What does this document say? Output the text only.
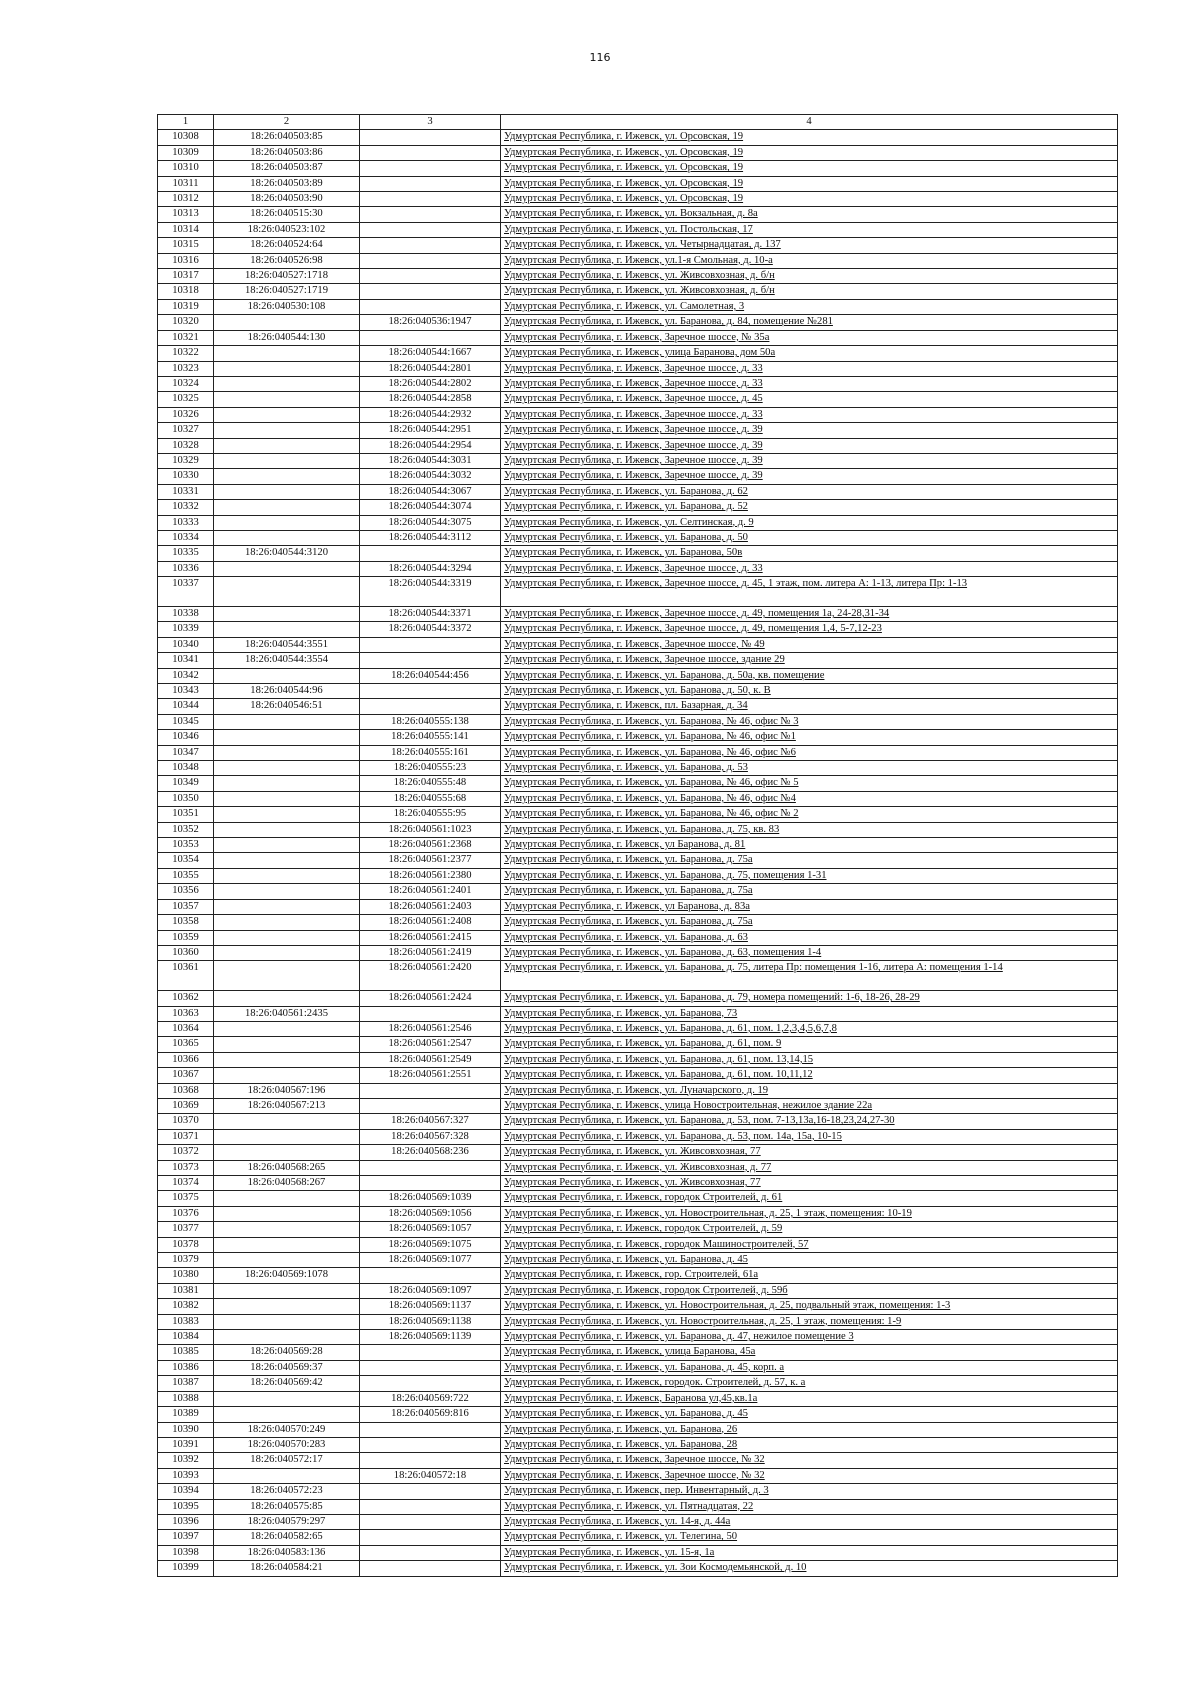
116
1	2	3	4
10308	18:26:040503:85		Удмуртская Республика, г. Ижевск, ул. Орсовская, 19
10309	18:26:040503:86		Удмуртская Республика, г. Ижевск, ул. Орсовская, 19
10310	18:26:040503:87		Удмуртская Республика, г. Ижевск, ул. Орсовская, 19
10311	18:26:040503:89		Удмуртская Республика, г. Ижевск, ул. Орсовская, 19
10312	18:26:040503:90		Удмуртская Республика, г. Ижевск, ул. Орсовская, 19
10313	18:26:040515:30		Удмуртская Республика, г. Ижевск, ул. Вокзальная, д. 8а
10314	18:26:040523:102		Удмуртская Республика, г. Ижевск, ул. Постольская, 17
10315	18:26:040524:64		Удмуртская Республика, г. Ижевск, ул. Четырнадцатая, д. 137
10316	18:26:040526:98		Удмуртская Республика, г. Ижевск, ул.1-я Смольная, д. 10-а
10317	18:26:040527:1718		Удмуртская Республика, г. Ижевск, ул. Живсовхозная, д. б/н
10318	18:26:040527:1719		Удмуртская Республика, г. Ижевск, ул. Живсовхозная, д. б/н
10319	18:26:040530:108		Удмуртская Республика, г. Ижевск, ул. Самолетная, 3
10320		18:26:040536:1947	Удмуртская Республика, г. Ижевск, ул. Баранова, д. 84, помещение №281
10321	18:26:040544:130		Удмуртская Республика, г. Ижевск, Заречное шоссе, № 35а
10322		18:26:040544:1667	Удмуртская Республика, г. Ижевск, улица Баранова, дом 50а
10323		18:26:040544:2801	Удмуртская Республика, г. Ижевск, Заречное шоссе, д. 33
10324		18:26:040544:2802	Удмуртская Республика, г. Ижевск, Заречное шоссе, д. 33
10325		18:26:040544:2858	Удмуртская Республика, г. Ижевск, Заречное шоссе, д. 45
10326		18:26:040544:2932	Удмуртская Республика, г. Ижевск, Заречное шоссе, д. 33
10327		18:26:040544:2951	Удмуртская Республика, г. Ижевск, Заречное шоссе, д. 39
10328		18:26:040544:2954	Удмуртская Республика, г. Ижевск, Заречное шоссе, д. 39
10329		18:26:040544:3031	Удмуртская Республика, г. Ижевск, Заречное шоссе, д. 39
10330		18:26:040544:3032	Удмуртская Республика, г. Ижевск, Заречное шоссе, д. 39
10331		18:26:040544:3067	Удмуртская Республика, г. Ижевск, ул. Баранова, д. 62
10332		18:26:040544:3074	Удмуртская Республика, г. Ижевск, ул. Баранова, д. 52
10333		18:26:040544:3075	Удмуртская Республика, г. Ижевск, ул. Селтинская, д. 9
10334		18:26:040544:3112	Удмуртская Республика, г. Ижевск, ул. Баранова, д. 50
10335	18:26:040544:3120		Удмуртская Республика, г. Ижевск, ул. Баранова, 50в
10336		18:26:040544:3294	Удмуртская Республика, г. Ижевск, Заречное шоссе, д. 33
10337		18:26:040544:3319	Удмуртская Республика, г. Ижевск, Заречное шоссе, д. 45, 1 этаж, пом. литера А: 1-13, литера Пр: 1-13
10338		18:26:040544:3371	Удмуртская Республика, г. Ижевск, Заречное шоссе, д. 49, помещения 1а, 24-28,31-34
10339		18:26:040544:3372	Удмуртская Республика, г. Ижевск, Заречное шоссе, д. 49, помещения 1,4, 5-7,12-23
10340	18:26:040544:3551		Удмуртская Республика, г. Ижевск, Заречное шоссе, № 49
10341	18:26:040544:3554		Удмуртская Республика, г. Ижевск, Заречное шоссе, здание 29
10342		18:26:040544:456	Удмуртская Республика, г. Ижевск, ул. Баранова, д. 50а, кв. помещение
10343	18:26:040544:96		Удмуртская Республика, г. Ижевск, ул. Баранова, д. 50, к. В
10344	18:26:040546:51		Удмуртская Республика, г. Ижевск, пл. Базарная, д. 34
10345		18:26:040555:138	Удмуртская Республика, г. Ижевск, ул. Баранова, № 46, офис № 3
10346		18:26:040555:141	Удмуртская Республика, г. Ижевск, ул. Баранова, № 46, офис №1
10347		18:26:040555:161	Удмуртская Республика, г. Ижевск, ул. Баранова, № 46, офис №6
10348		18:26:040555:23	Удмуртская Республика, г. Ижевск, ул. Баранова, д. 53
10349		18:26:040555:48	Удмуртская Республика, г. Ижевск, ул. Баранова, № 46, офис № 5
10350		18:26:040555:68	Удмуртская Республика, г. Ижевск, ул. Баранова, № 46, офис №4
10351		18:26:040555:95	Удмуртская Республика, г. Ижевск, ул. Баранова, № 46, офис № 2
10352		18:26:040561:1023	Удмуртская Республика, г. Ижевск, ул. Баранова, д. 75, кв. 83
10353		18:26:040561:2368	Удмуртская Республика, г. Ижевск, ул Баранова, д. 81
10354		18:26:040561:2377	Удмуртская Республика, г. Ижевск, ул. Баранова, д. 75а
10355		18:26:040561:2380	Удмуртская Республика, г. Ижевск, ул. Баранова, д. 75, помещения 1-31
10356		18:26:040561:2401	Удмуртская Республика, г. Ижевск, ул. Баранова, д. 75а
10357		18:26:040561:2403	Удмуртская Республика, г. Ижевск, ул Баранова, д. 83а
10358		18:26:040561:2408	Удмуртская Республика, г. Ижевск, ул. Баранова, д. 75а
10359		18:26:040561:2415	Удмуртская Республика, г. Ижевск, ул. Баранова, д. 63
10360		18:26:040561:2419	Удмуртская Республика, г. Ижевск, ул. Баранова, д. 63, помещения 1-4
10361		18:26:040561:2420	Удмуртская Республика, г. Ижевск, ул. Баранова, д. 75, литера Пр: помещения 1-16, литера А: помещения 1-14
10362		18:26:040561:2424	Удмуртская Республика, г. Ижевск, ул. Баранова, д. 79, номера помещений: 1-6, 18-26, 28-29
10363	18:26:040561:2435		Удмуртская Республика, г. Ижевск, ул. Баранова, 73
10364		18:26:040561:2546	Удмуртская Республика, г. Ижевск, ул. Баранова, д. 61, пом. 1,2,3,4,5,6,7,8
10365		18:26:040561:2547	Удмуртская Республика, г. Ижевск, ул. Баранова, д. 61, пом. 9
10366		18:26:040561:2549	Удмуртская Республика, г. Ижевск, ул. Баранова, д. 61, пом. 13,14,15
10367		18:26:040561:2551	Удмуртская Республика, г. Ижевск, ул. Баранова, д. 61, пом. 10,11,12
10368	18:26:040567:196		Удмуртская Республика, г. Ижевск, ул. Луначарского, д. 19
10369	18:26:040567:213		Удмуртская Республика, г. Ижевск, улица Новостроительная, нежилое здание 22а
10370		18:26:040567:327	Удмуртская Республика, г. Ижевск, ул. Баранова, д. 53, пом. 7-13,13а,16-18,23,24,27-30
10371		18:26:040567:328	Удмуртская Республика, г. Ижевск, ул. Баранова, д. 53, пом. 14а, 15а, 10-15
10372		18:26:040568:236	Удмуртская Республика, г. Ижевск, ул. Живсовхозная, 77
10373	18:26:040568:265		Удмуртская Республика, г. Ижевск, ул. Живсовхозная, д. 77
10374	18:26:040568:267		Удмуртская Республика, г. Ижевск, ул. Живсовхозная, 77
10375		18:26:040569:1039	Удмуртская Республика, г. Ижевск, городок Строителей, д. 61
10376		18:26:040569:1056	Удмуртская Республика, г. Ижевск, ул. Новостроительная, д. 25, 1 этаж, помещения: 10-19
10377		18:26:040569:1057	Удмуртская Республика, г. Ижевск, городок Строителей, д. 59
10378		18:26:040569:1075	Удмуртская Республика, г. Ижевск, городок Машиностроителей, 57
10379		18:26:040569:1077	Удмуртская Республика, г. Ижевск, ул. Баранова, д. 45
10380	18:26:040569:1078		Удмуртская Республика, г. Ижевск, гор. Строителей, 61а
10381		18:26:040569:1097	Удмуртская Республика, г. Ижевск, городок Строителей, д. 59б
10382		18:26:040569:1137	Удмуртская Республика, г. Ижевск, ул. Новостроительная, д. 25, подвальный этаж, помещения: 1-3
10383		18:26:040569:1138	Удмуртская Республика, г. Ижевск, ул. Новостроительная, д. 25, 1 этаж, помещения: 1-9
10384		18:26:040569:1139	Удмуртская Республика, г. Ижевск, ул. Баранова, д. 47, нежилое помещение 3
10385	18:26:040569:28		Удмуртская Республика, г. Ижевск, улица Баранова, 45а
10386	18:26:040569:37		Удмуртская Республика, г. Ижевск, ул. Баранова, д. 45, корп. а
10387	18:26:040569:42		Удмуртская Республика, г. Ижевск, городок. Строителей, д. 57, к. а
10388		18:26:040569:722	Удмуртская Республика, г. Ижевск, Баранова ул,45,кв.1а
10389		18:26:040569:816	Удмуртская Республика, г. Ижевск, ул. Баранова, д. 45
10390	18:26:040570:249		Удмуртская Республика, г. Ижевск, ул. Баранова, 26
10391	18:26:040570:283		Удмуртская Республика, г. Ижевск, ул. Баранова, 28
10392	18:26:040572:17		Удмуртская Республика, г. Ижевск, Заречное шоссе, № 32
10393		18:26:040572:18	Удмуртская Республика, г. Ижевск, Заречное шоссе, № 32
10394	18:26:040572:23		Удмуртская Республика, г. Ижевск, пер. Инвентарный, д. 3
10395	18:26:040575:85		Удмуртская Республика, г. Ижевск, ул. Пятнадцатая, 22
10396	18:26:040579:297		Удмуртская Республика, г. Ижевск, ул. 14-я, д. 44а
10397	18:26:040582:65		Удмуртская Республика, г. Ижевск, ул. Телегина, 50
10398	18:26:040583:136		Удмуртская Республика, г. Ижевск, ул. 15-я, 1а
10399	18:26:040584:21		Удмуртская Республика, г. Ижевск, ул. Зои Космодемьянской, д. 10
